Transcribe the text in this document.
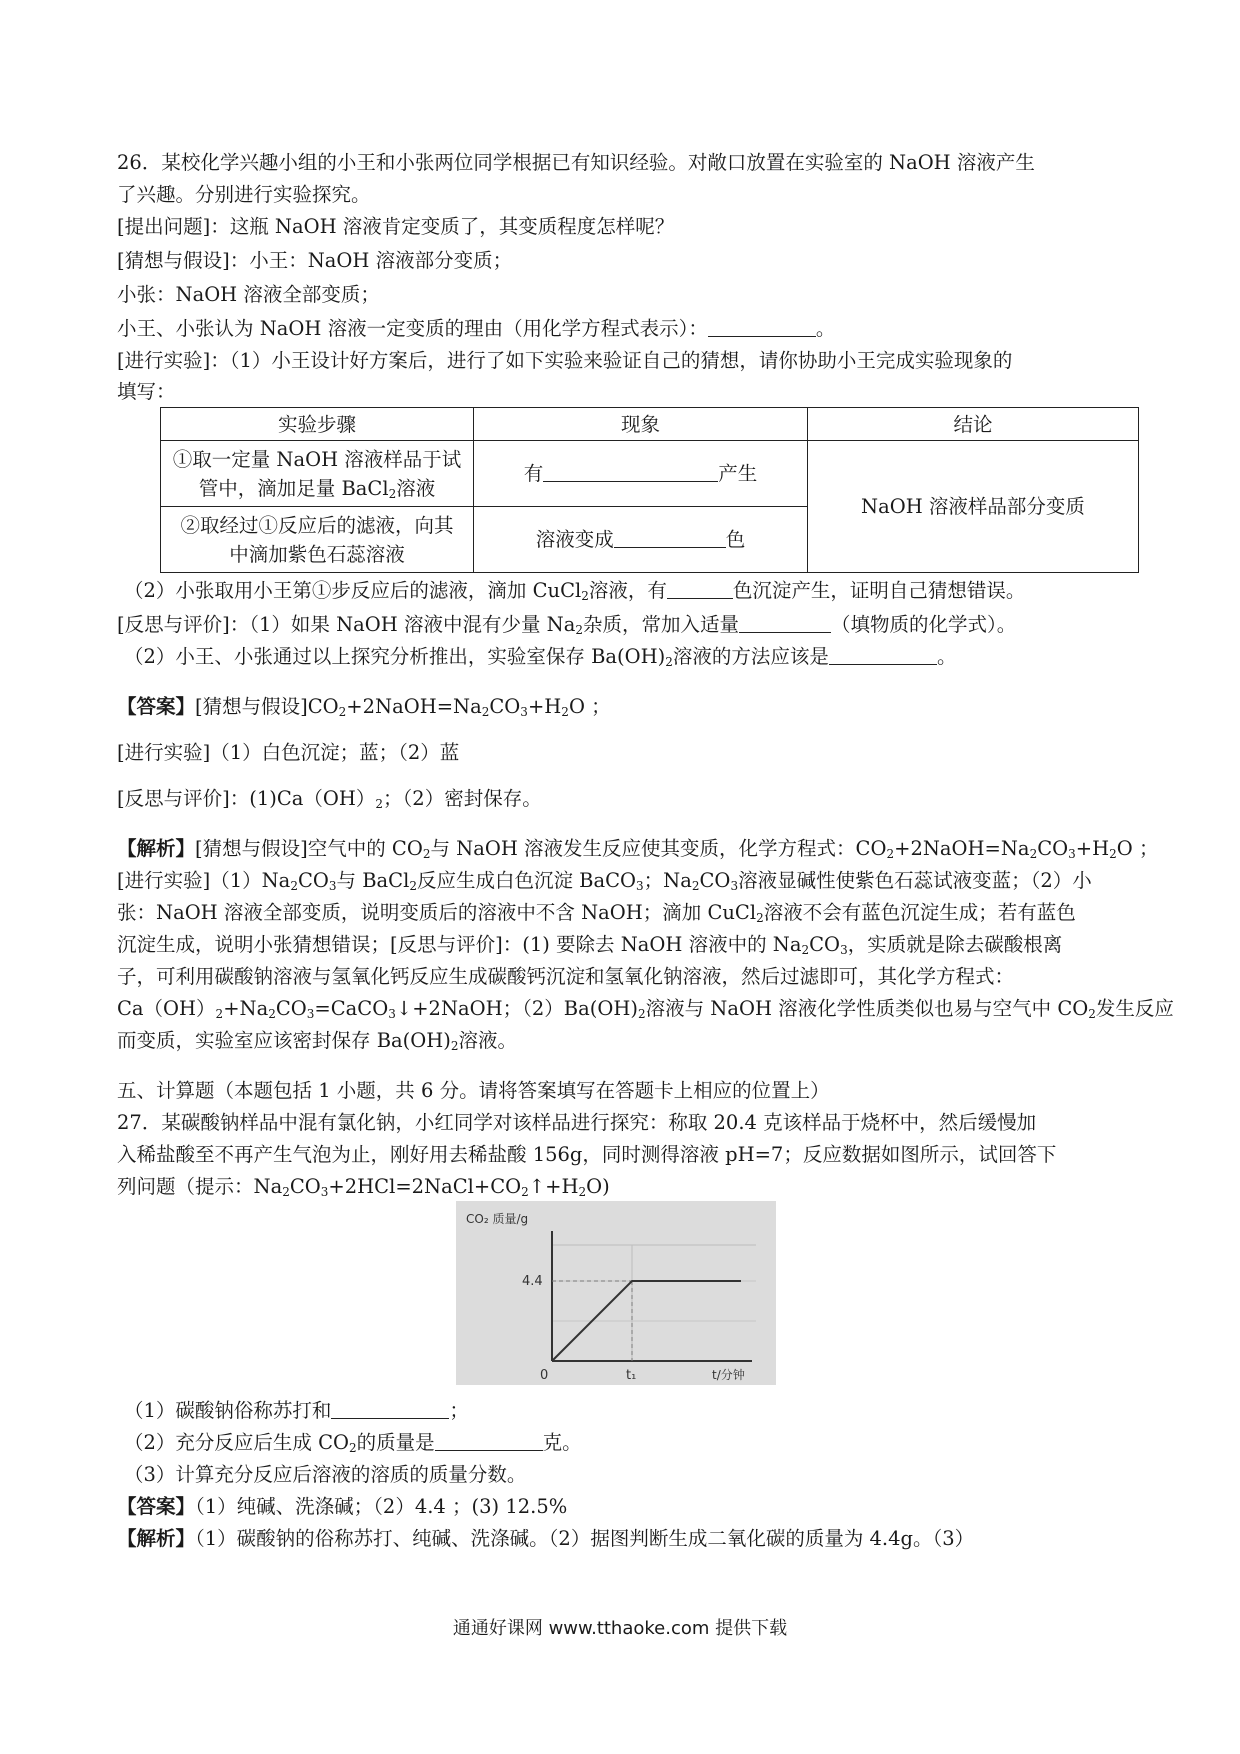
26．某校化学兴趣小组的小王和小张两位同学根据已有知识经验。对敞口放置在实验室的 NaOH 溶液产生
了兴趣。分别进行实验探究。
[提出问题]：这瓶 NaOH 溶液肯定变质了，其变质程度怎样呢？
[猜想与假设]：小王：NaOH 溶液部分变质；
小张：NaOH 溶液全部变质；
小王、小张认为 NaOH 溶液一定变质的理由（用化学方程式表示）：	。
[进行实验]：（1）小王设计好方案后，进行了如下实验来验证自己的猜想，请你协助小王完成实验现象的
填写：
实验步骤	现象	结论

①取一定量 NaOH 溶液样品于试
管中，滴加足量 BaCl$_2$溶液	有 产生	NaOH 溶液样品部分变质

②取经过①反应后的滤液，向其
中滴加紫色石蕊溶液	溶液变成 色	
（2）小张取用小王第①步反应后的滤液，滴加 CuCl$_2$溶液，有	色沉淀产生，证明自己猜想错误。
[反思与评价]：（1）如果 NaOH 溶液中混有少量 $Na_2$杂质，常加入适量	（填物质的化学式）。
（2）小王、小张通过以上探究分析推出，实验室保存 $Ba(OH)_2$溶液的方法应该是	。
【答案】[猜想与假设]$CO_2+2NaOH=Na_2CO_3+H_2O$ ；
[进行实验]（1）白色沉淀；蓝；（2）蓝
[反思与评价]：$(1)Ca(OH)_2$；（2）密封保存。
【解析】[猜想与假设]空气中的 $CO_2$与 NaOH 溶液发生反应使其变质，化学方程式：$CO_2+2NaOH=Na_2CO_3+H_2O$ ；
[进行实验]$(1)Na_2CO_3$与 BaCl$_2$反应生成白色沉淀 BaCO$_3$；$Na_2CO_3$溶液显碱性使紫色石蕊试液变蓝；（2）小
张：NaOH 溶液全部变质，说明变质后的溶液中不含 NaOH；滴加 CuCl$_2$溶液不会有蓝色沉淀生成；若有蓝色
沉淀生成，说明小张猜想错误；[反思与评价]：(1) 要除去 NaOH 溶液中的 $Na_2CO_3$，实质就是除去碳酸根离
子，可利用碳酸钠溶液与氢氧化钙反应生成碳酸钙沉淀和氢氧化钠溶液，然后过滤即可，其化学方程式：
$Ca(OH)_2+Na_2CO_3=CaCO_3↓+2NaOH$；$(2)Ba(OH)_2$溶液与 NaOH 溶液化学性质类似也易与空气中 $CO_2$发生反应
而变质，实验室应该密封保存 $Ba(OH)_2$溶液。
五、计算题（本题包括 1 小题，共 6 分。请将答案填写在答题卡上相应的位置上）
27．某碳酸钠样品中混有氯化钠，小红同学对该样品进行探究：称取 20.4 克该样品于烧杯中，然后缓慢加
入稀盐酸至不再产生气泡为止，刚好用去稀盐酸 156g，同时测得溶液 pH=7；反应数据如图所示，试回答下
列问题（提示：$Na_2CO_3+2HCl=2NaCl+CO_2↑+H_2O$)
CO₂ 质量/g
4.4
0	t₁	t/分钟
（1）碳酸钠俗称苏打和	；
（2）充分反应后生成 $CO_2$的质量是	克。
（3）计算充分反应后溶液的溶质的质量分数。
【答案】（1）纯碱、洗涤碱；（2）4.4 ；(3) 12.5%
【解析】（1）碳酸钠的俗称苏打、纯碱、洗涤碱。（2）据图判断生成二氧化碳的质量为 4.4g。（3）
通通好课网 www.tthaoke.com 提供下载
